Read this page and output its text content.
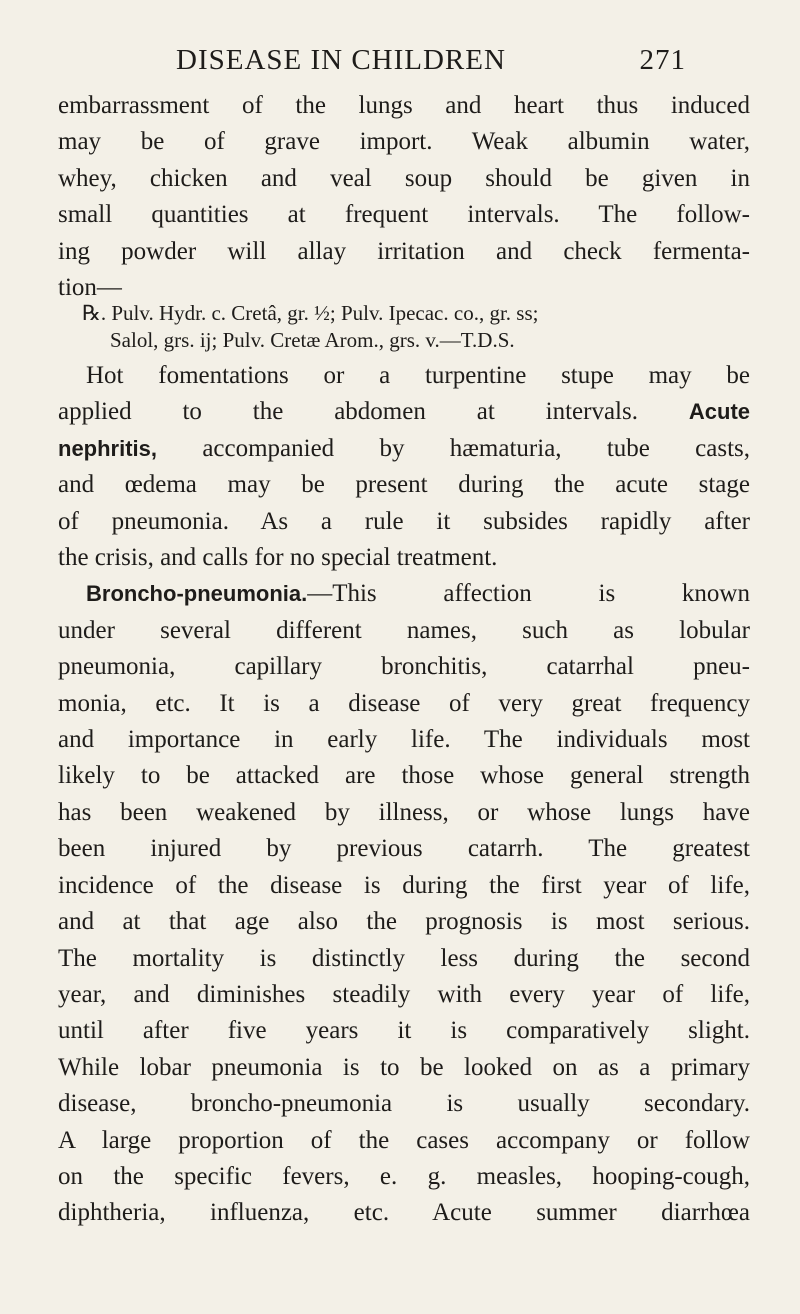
DISEASE IN CHILDREN	271
embarrassment of the lungs and heart thus induced
may be of grave import. Weak albumin water,
whey, chicken and veal soup should be given in
small quantities at frequent intervals. The follow-
ing powder will allay irritation and check fermenta-
tion—
℞. Pulv. Hydr. c. Cretâ, gr. ½; Pulv. Ipecac. co., gr. ss;
Salol, grs. ij; Pulv. Cretæ Arom., grs. v.—T.D.S.
Hot fomentations or a turpentine stupe may be
applied to the abdomen at intervals. Acute
nephritis, accompanied by hæmaturia, tube casts,
and œdema may be present during the acute stage
of pneumonia. As a rule it subsides rapidly after
the crisis, and calls for no special treatment.
Broncho-pneumonia.—This affection is known
under several different names, such as lobular
pneumonia, capillary bronchitis, catarrhal pneu-
monia, etc. It is a disease of very great frequency
and importance in early life. The individuals most
likely to be attacked are those whose general strength
has been weakened by illness, or whose lungs have
been injured by previous catarrh. The greatest
incidence of the disease is during the first year of life,
and at that age also the prognosis is most serious.
The mortality is distinctly less during the second
year, and diminishes steadily with every year of life,
until after five years it is comparatively slight.
While lobar pneumonia is to be looked on as a primary
disease, broncho-pneumonia is usually secondary.
A large proportion of the cases accompany or follow
on the specific fevers, e. g. measles, hooping-cough,
diphtheria, influenza, etc. Acute summer diarrhœa
